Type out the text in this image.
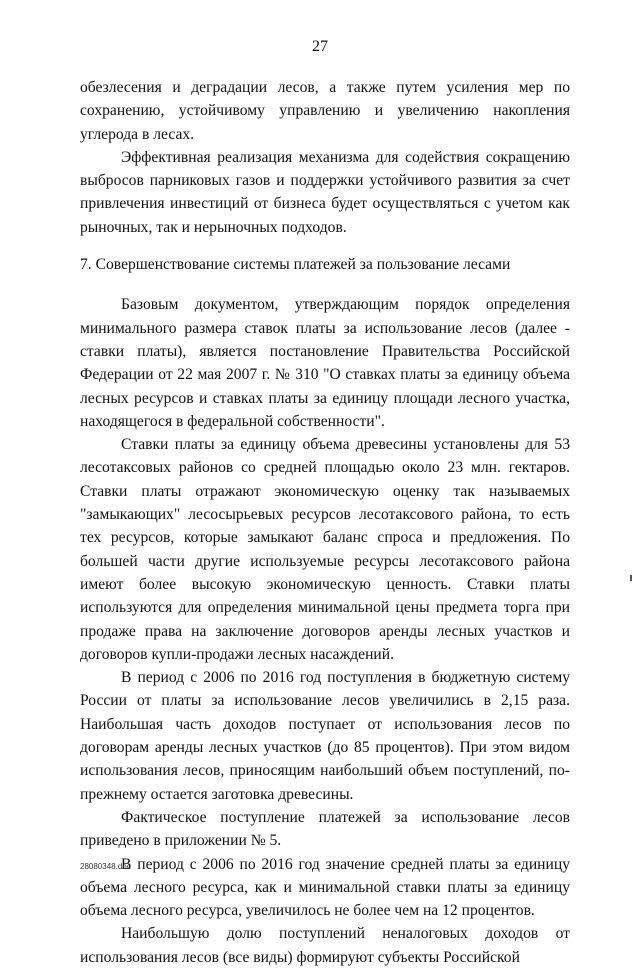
27

обезлесения и деградации лесов, а также путем усиления мер по сохранению, устойчивому управлению и увеличению накопления углерода в лесах.

Эффективная реализация механизма для содействия сокращению выбросов парниковых газов и поддержки устойчивого развития за счет привлечения инвестиций от бизнеса будет осуществляться с учетом как рыночных, так и нерыночных подходов.

7. Совершенствование системы платежей за пользование лесами

Базовым документом, утверждающим порядок определения минимального размера ставок платы за использование лесов (далее - ставки платы), является постановление Правительства Российской Федерации от 22 мая 2007 г. № 310 "О ставках платы за единицу объема лесных ресурсов и ставках платы за единицу площади лесного участка, находящегося в федеральной собственности".

Ставки платы за единицу объема древесины установлены для 53 лесотаксовых районов со средней площадью около 23 млн. гектаров. Ставки платы отражают экономическую оценку так называемых "замыкающих" лесосырьевых ресурсов лесотаксового района, то есть тех ресурсов, которые замыкают баланс спроса и предложения. По большей части другие используемые ресурсы лесотаксового района имеют более высокую экономическую ценность. Ставки платы используются для определения минимальной цены предмета торга при продаже права на заключение договоров аренды лесных участков и договоров купли-продажи лесных насаждений.

В период с 2006 по 2016 год поступления в бюджетную систему России от платы за использование лесов увеличились в 2,15 раза. Наибольшая часть доходов поступает от использования лесов по договорам аренды лесных участков (до 85 процентов). При этом видом использования лесов, приносящим наибольший объем поступлений, по-прежнему остается заготовка древесины.

Фактическое поступление платежей за использование лесов приведено в приложении № 5.

В период с 2006 по 2016 год значение средней платы за единицу объема лесного ресурса, как и минимальной ставки платы за единицу объема лесного ресурса, увеличилось не более чем на 12 процентов.

Наибольшую долю поступлений неналоговых доходов от использования лесов (все виды) формируют субъекты Российской

28080348.doc
